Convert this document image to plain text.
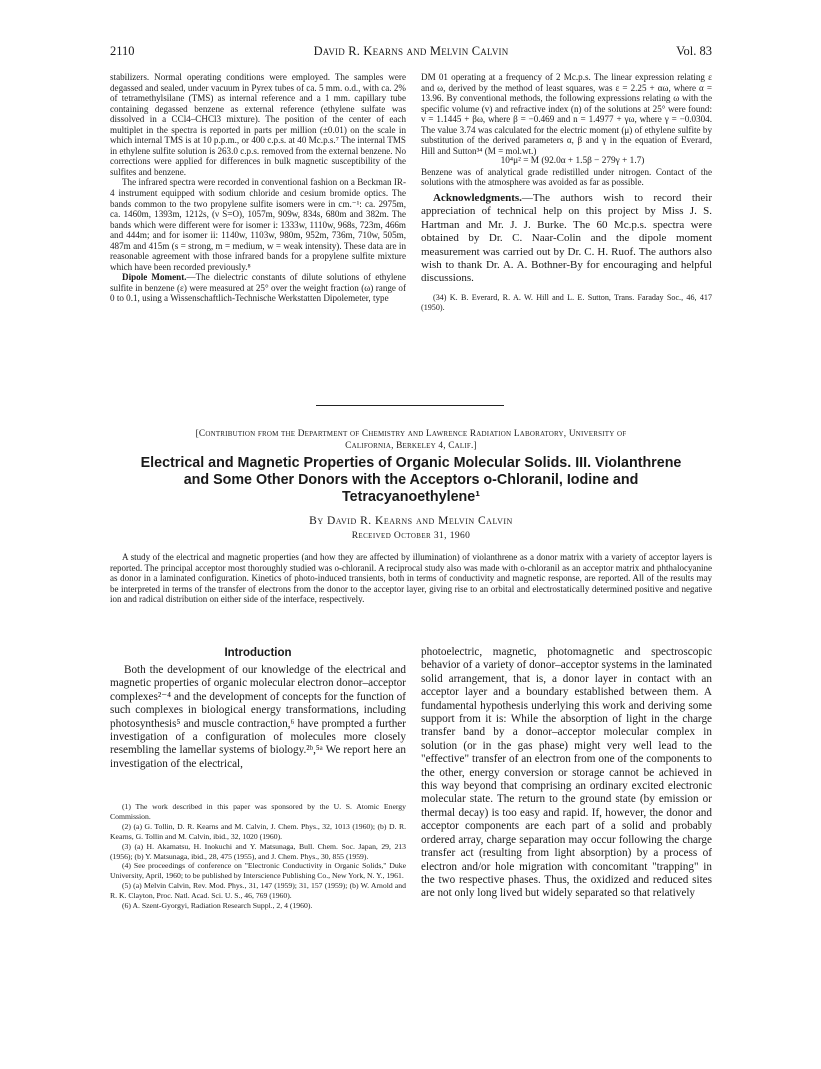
2110	David R. Kearns and Melvin Calvin	Vol. 83

stabilizers. Normal operating conditions were employed. The samples were degassed and sealed, under vacuum in Pyrex tubes of ca. 5 mm. o.d., with ca. 2% of tetramethylsilane (TMS) as internal reference and a 1 mm. capillary tube containing degassed benzene as external reference (ethylene sulfate was dissolved in a CCl4–CHCl3 mixture). The position of the center of each multiplet in the spectra is reported in parts per million (±0.01) on the scale in which internal TMS is at 10 p.p.m., or 400 c.p.s. at 40 Mc.p.s.⁷ The internal TMS in ethylene sulfite solution is 263.0 c.p.s. removed from the external benzene. No corrections were applied for differences in bulk magnetic susceptibility of the sulfites and benzene.

The infrared spectra were recorded in conventional fashion on a Beckman IR-4 instrument equipped with sodium chloride and cesium bromide optics. The bands common to the two propylene sulfite isomers were in cm.⁻¹: ca. 2975m, ca. 1460m, 1393m, 1212s, (ν S=O), 1057m, 909w, 834s, 680m and 382m. The bands which were different were for isomer i: 1333w, 1110w, 968s, 723m, 466m and 444m; and for isomer ii: 1140w, 1103w, 980m, 952m, 736m, 710w, 505m, 487m and 415m (s = strong, m = medium, w = weak intensity). These data are in reasonable agreement with those infrared bands for a propylene sulfite mixture which have been recorded previously.⁸

Dipole Moment.—The dielectric constants of dilute solutions of ethylene sulfite in benzene (ε) were measured at 25° over the weight fraction (ω) range of 0 to 0.1, using a Wissenschaftlich-Technische Werkstatten Dipolemeter, type

DM 01 operating at a frequency of 2 Mc.p.s. The linear expression relating ε and ω, derived by the method of least squares, was ε = 2.25 + αω, where α = 13.96. By conventional methods, the following expressions relating ω with the specific volume (v) and refractive index (n) of the solutions at 25° were found: v = 1.1445 + βω, where β = −0.469 and n = 1.4977 + γω, where γ = −0.0304. The value 3.74 was calculated for the electric moment (μ) of ethylene sulfite by substitution of the derived parameters α, β and γ in the equation of Everard, Hill and Sutton³⁴ (M = mol.wt.)

10⁴μ² = M (92.0α + 1.5β − 279γ + 1.7)

Benzene was of analytical grade redistilled under nitrogen. Contact of the solutions with the atmosphere was avoided as far as possible.

Acknowledgments.—The authors wish to record their appreciation of technical help on this project by Miss J. S. Hartman and Mr. J. J. Burke. The 60 Mc.p.s. spectra were obtained by Dr. C. Naar-Colin and the dipole moment measurement was carried out by Dr. C. H. Ruof. The authors also wish to thank Dr. A. A. Bothner-By for encouraging and helpful discussions.

(34) K. B. Everard, R. A. W. Hill and L. E. Sutton, Trans. Faraday Soc., 46, 417 (1950).

[Contribution from the Department of Chemistry and Lawrence Radiation Laboratory, University of
California, Berkeley 4, Calif.]
Electrical and Magnetic Properties of Organic Molecular Solids. III. Violanthrene
and Some Other Donors with the Acceptors o-Chloranil, Iodine and
Tetracyanoethylene¹
By David R. Kearns and Melvin Calvin
Received October 31, 1960

A study of the electrical and magnetic properties (and how they are affected by illumination) of violanthrene as a donor matrix with a variety of acceptor layers is reported. The principal acceptor most thoroughly studied was o-chloranil. A reciprocal study also was made with o-chloranil as an acceptor matrix and phthalocyanine as donor in a laminated configuration. Kinetics of photo-induced transients, both in terms of conductivity and magnetic response, are reported. All of the results may be interpreted in terms of the transfer of electrons from the donor to the acceptor layer, giving rise to an orbital and electrostatically determined positive and negative ion and radical distribution on either side of the interface, respectively.

Introduction

Both the development of our knowledge of the electrical and magnetic properties of organic molecular electron donor–acceptor complexes²⁻⁴ and the development of concepts for the function of such complexes in biological energy transformations, including photosynthesis⁵ and muscle contraction,⁶ have prompted a further investigation of a configuration of molecules more closely resembling the lamellar systems of biology.²ᵇ,⁵ᵃ We report here an investigation of the electrical,

(1) The work described in this paper was sponsored by the U. S. Atomic Energy Commission.

(2) (a) G. Tollin, D. R. Kearns and M. Calvin, J. Chem. Phys., 32, 1013 (1960); (b) D. R. Kearns, G. Tollin and M. Calvin, ibid., 32, 1020 (1960).

(3) (a) H. Akamatsu, H. Inokuchi and Y. Matsunaga, Bull. Chem. Soc. Japan, 29, 213 (1956); (b) Y. Matsunaga, ibid., 28, 475 (1955), and J. Chem. Phys., 30, 855 (1959).

(4) See proceedings of conference on "Electronic Conductivity in Organic Solids," Duke University, April, 1960; to be published by Interscience Publishing Co., New York, N. Y., 1961.

(5) (a) Melvin Calvin, Rev. Mod. Phys., 31, 147 (1959); 31, 157 (1959); (b) W. Arnold and R. K. Clayton, Proc. Natl. Acad. Sci. U. S., 46, 769 (1960).

(6) A. Szent-Gyorgyi, Radiation Research Suppl., 2, 4 (1960).

photoelectric, magnetic, photomagnetic and spectroscopic behavior of a variety of donor–acceptor systems in the laminated solid arrangement, that is, a donor layer in contact with an acceptor layer and a boundary established between them. A fundamental hypothesis underlying this work and deriving some support from it is: While the absorption of light in the charge transfer band by a donor–acceptor molecular complex in solution (or in the gas phase) might very well lead to the "effective" transfer of an electron from one of the components to the other, energy conversion or storage cannot be achieved in this way beyond that comprising an ordinary excited electronic molecular state. The return to the ground state (by emission or thermal decay) is too easy and rapid. If, however, the donor and acceptor components are each part of a solid and probably ordered array, charge separation may occur following the charge transfer act (resulting from light absorption) by a process of electron and/or hole migration with concomitant "trapping" in the two respective phases. Thus, the oxidized and reduced sites are not only long lived but widely separated so that relatively
